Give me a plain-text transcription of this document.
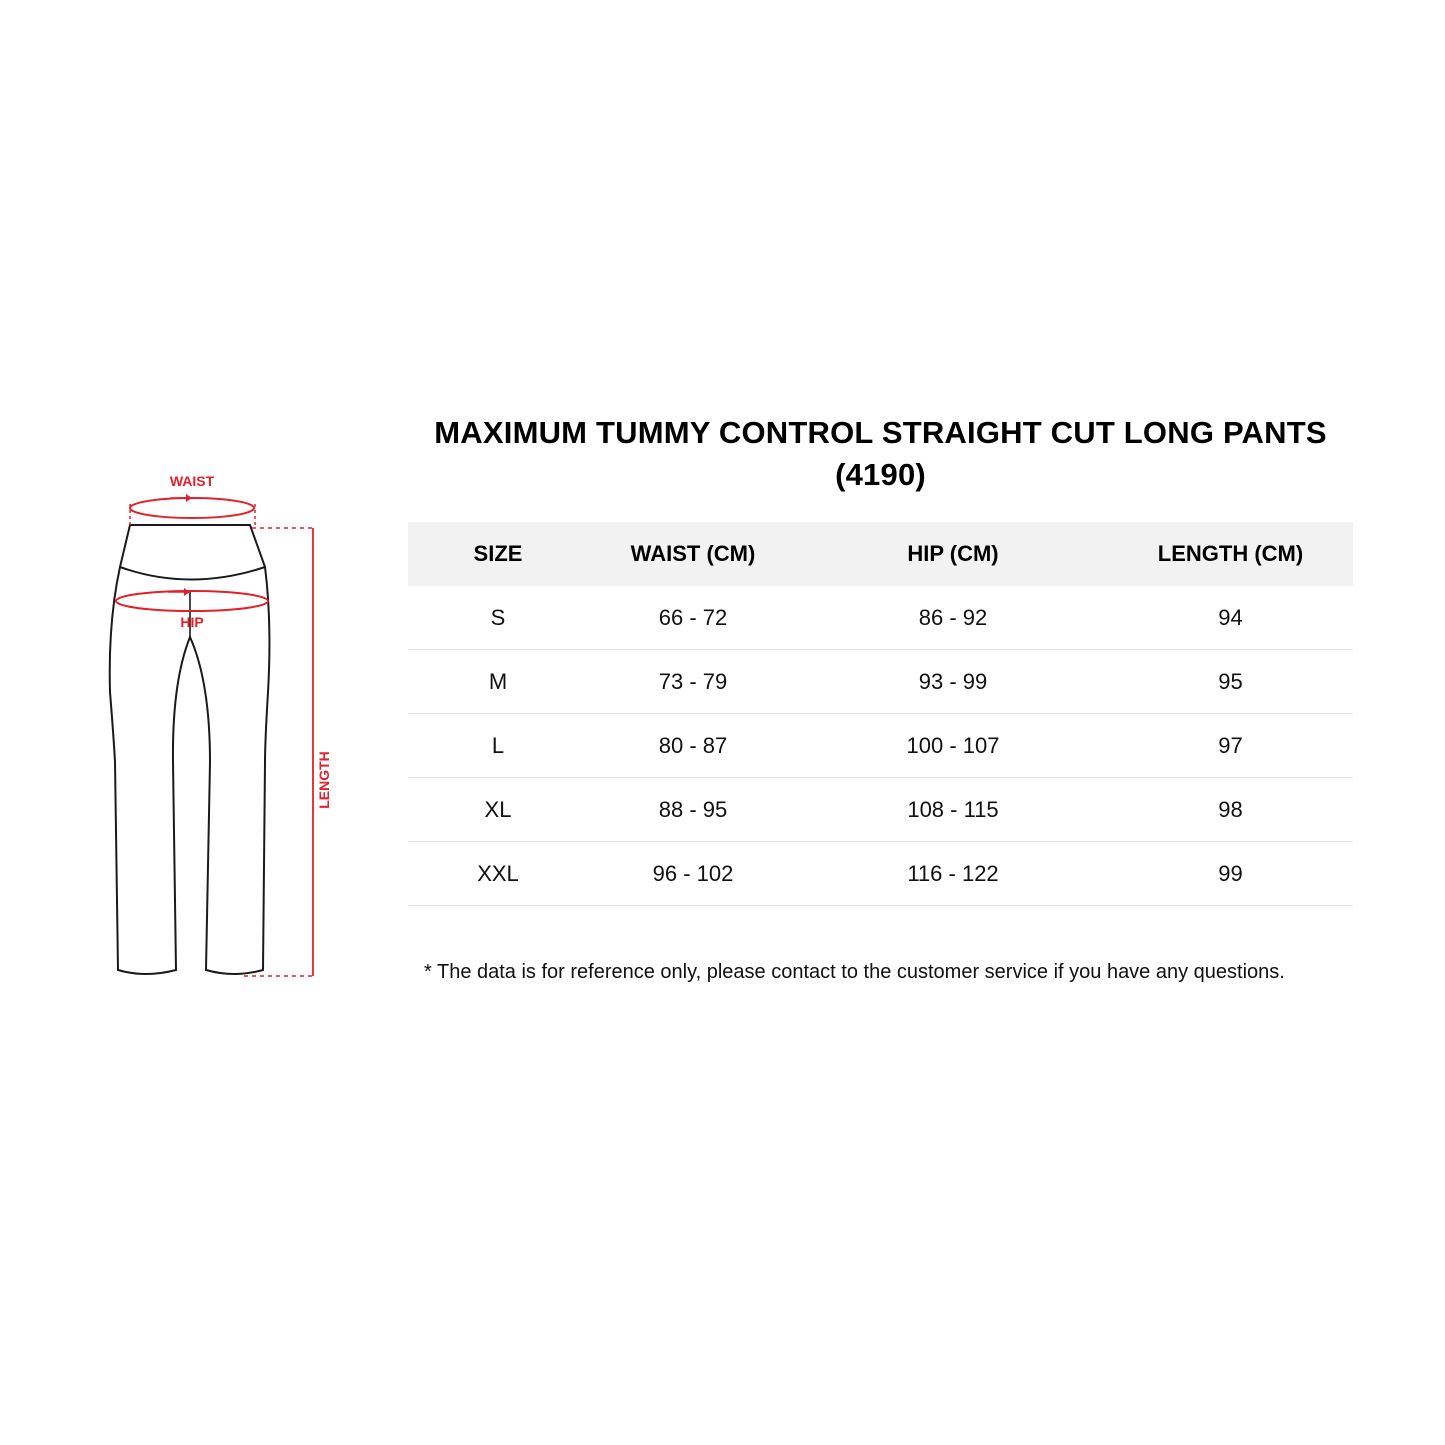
WAIST
HIP
LENGTH
MAXIMUM TUMMY CONTROL STRAIGHT CUT LONG PANTS
(4190)
SIZE	WAIST (CM)	HIP (CM)	LENGTH (CM)
S	66 - 72	86 - 92	94
M	73 - 79	93 - 99	95
L	80 - 87	100 - 107	97
XL	88 - 95	108 - 115	98
XXL	96 - 102	116 - 122	99
* The data is for reference only, please contact to the customer service if you have any questions.
